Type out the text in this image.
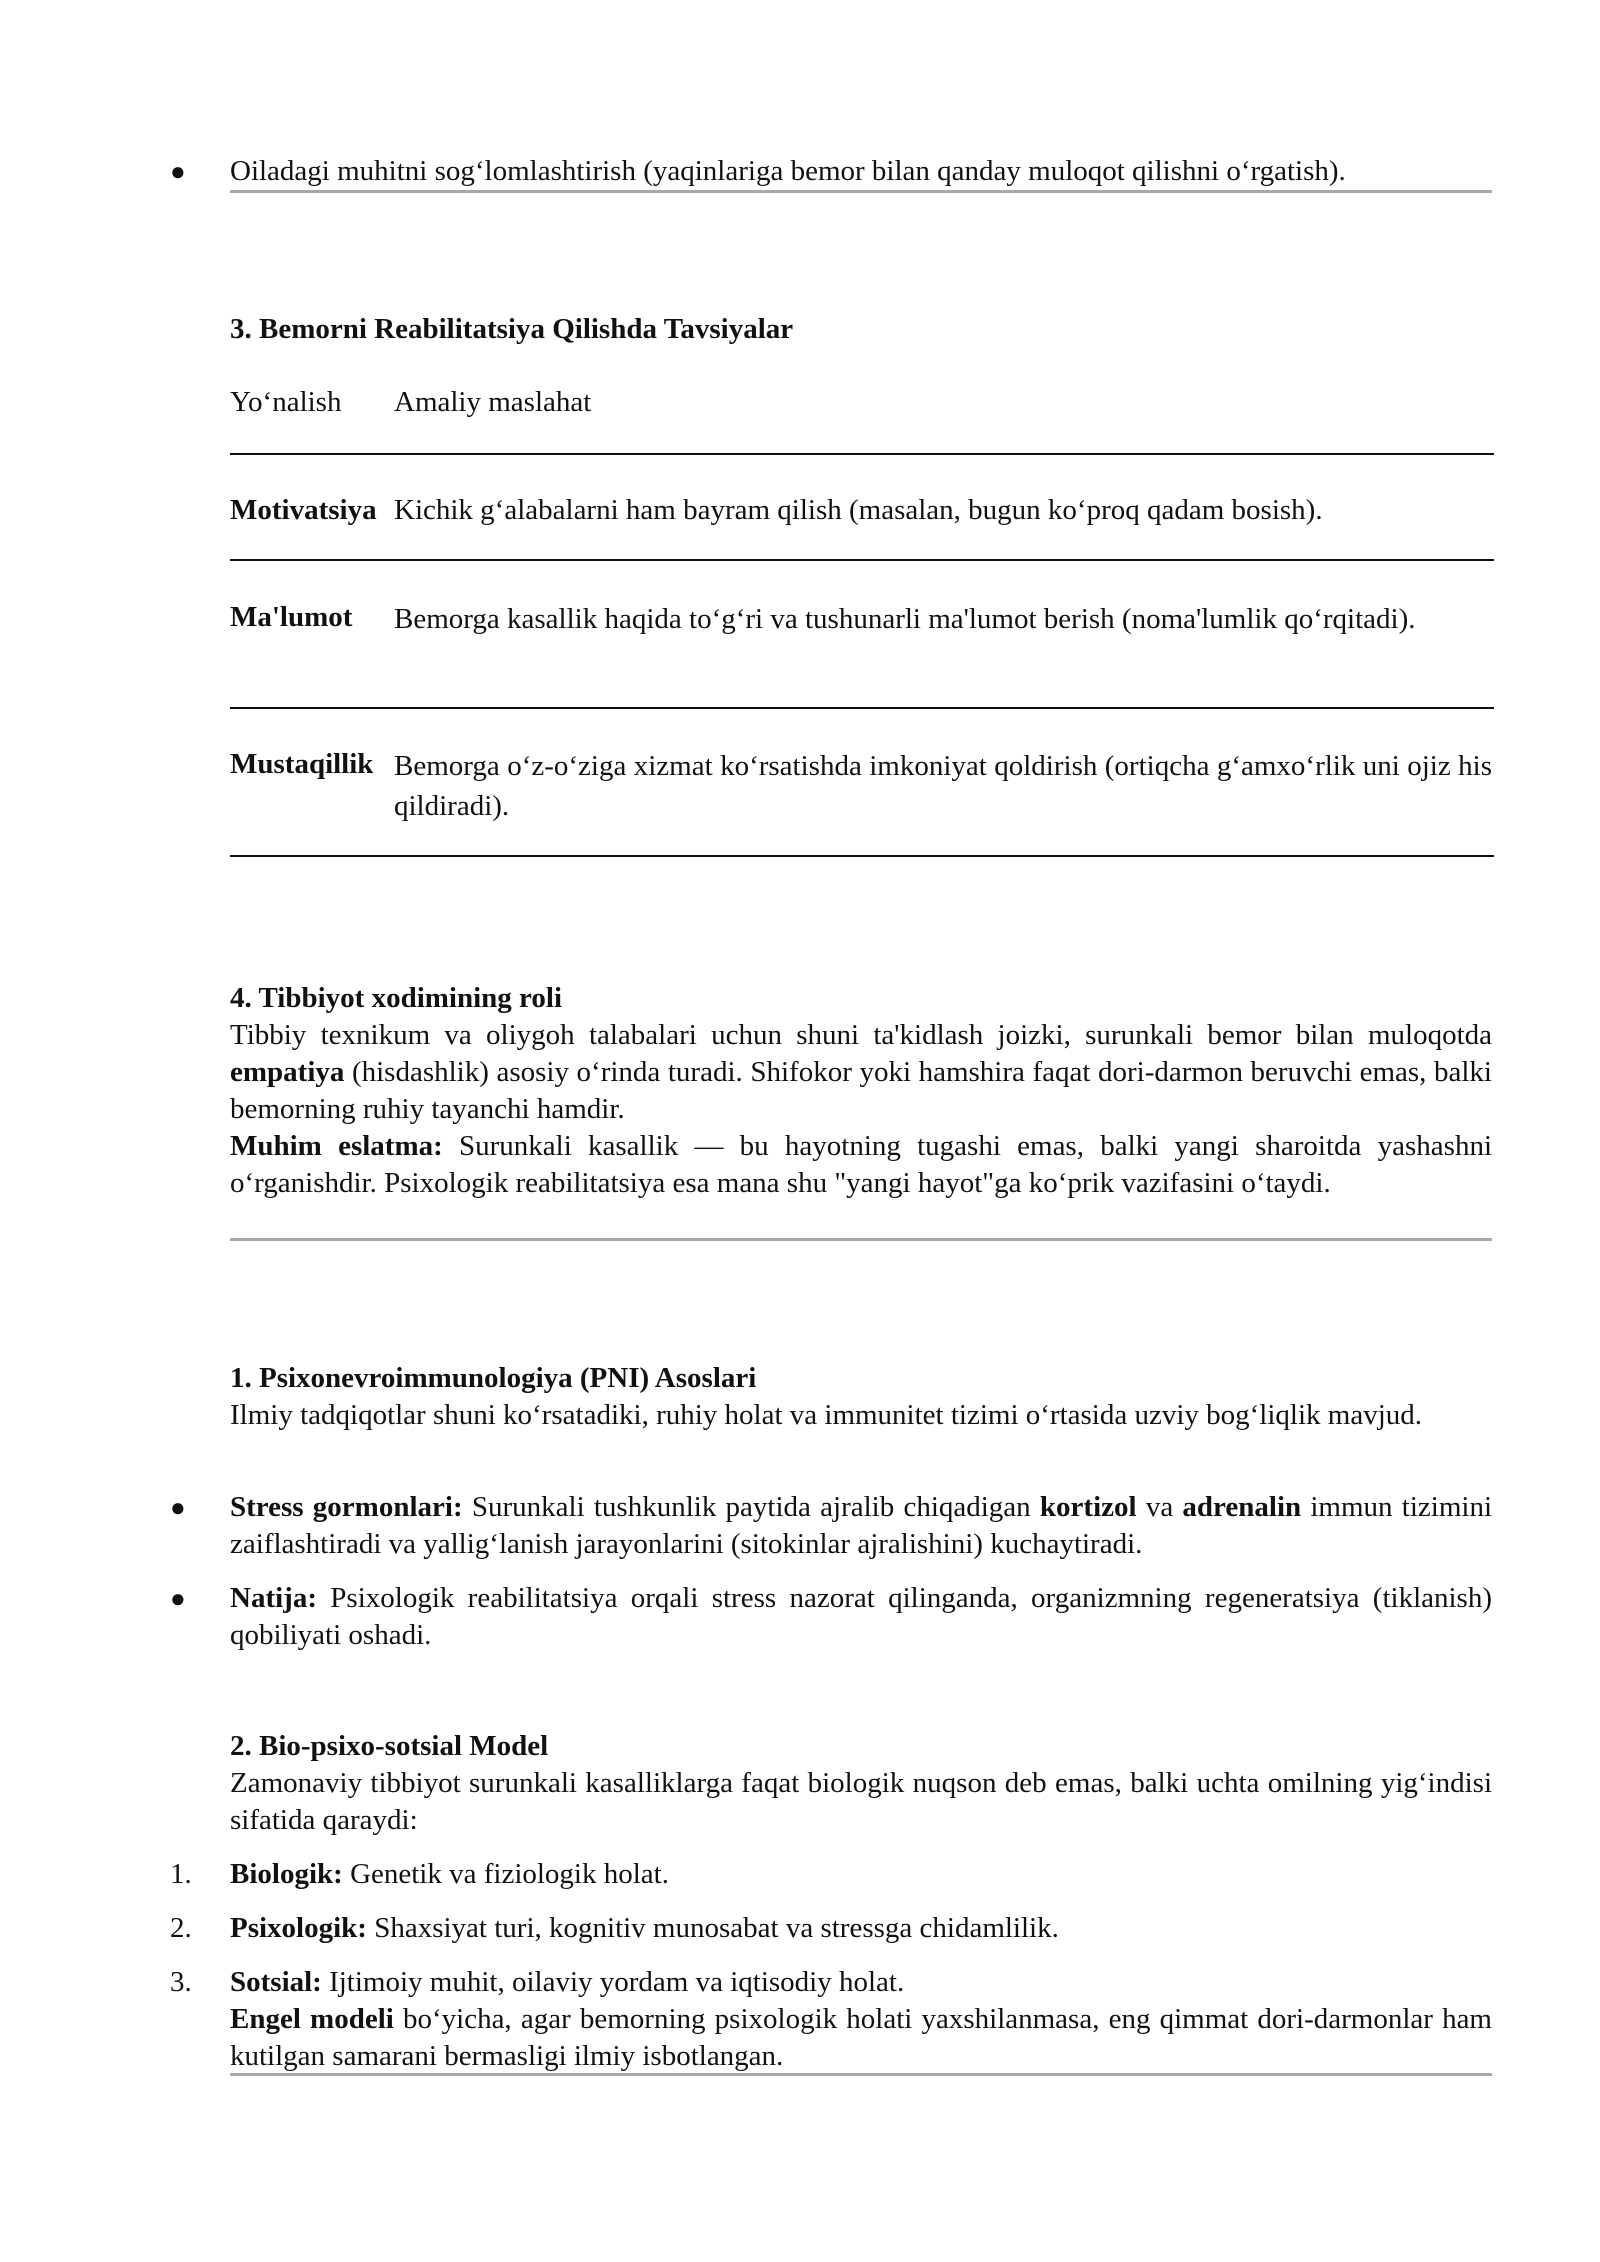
●	Oiladagi muhitni sog‘lomlashtirish (yaqinlariga bemor bilan qanday muloqot qilishni o‘rgatish).
3. Bemorni Reabilitatsiya Qilishda Tavsiyalar
Yo‘nalish	Amaliy maslahat
Motivatsiya Kichik g‘alabalarni ham bayram qilish (masalan, bugun ko‘proq qadam bosish).
Ma'lumot	Bemorga kasallik haqida to‘g‘ri va tushunarli ma'lumot berish (noma'lumlik qo‘rqitadi).
Mustaqillik Bemorga o‘z-o‘ziga xizmat ko‘rsatishda imkoniyat qoldirish (ortiqcha g‘amxo‘rlik uni ojiz his qildiradi).
4. Tibbiyot xodimining roli
Tibbiy texnikum va oliygoh talabalari uchun shuni ta'kidlash joizki, surunkali bemor bilan muloqotda empatiya (hisdashlik) asosiy o‘rinda turadi. Shifokor yoki hamshira faqat dori-darmon beruvchi emas, balki bemorning ruhiy tayanchi hamdir.
Muhim eslatma: Surunkali kasallik — bu hayotning tugashi emas, balki yangi sharoitda yashashni o‘rganishdir. Psixologik reabilitatsiya esa mana shu "yangi hayot"ga ko‘prik vazifasini o‘taydi.
1. Psixonevroimmunologiya (PNI) Asoslari
Ilmiy tadqiqotlar shuni ko‘rsatadiki, ruhiy holat va immunitet tizimi o‘rtasida uzviy bog‘liqlik mavjud.
●	Stress gormonlari: Surunkali tushkunlik paytida ajralib chiqadigan kortizol va adrenalin immun tizimini zaiflashtiradi va yallig‘lanish jarayonlarini (sitokinlar ajralishini) kuchaytiradi.
●	Natija: Psixologik reabilitatsiya orqali stress nazorat qilinganda, organizmning regeneratsiya (tiklanish) qobiliyati oshadi.
2. Bio-psixo-sotsial Model
Zamonaviy tibbiyot surunkali kasalliklarga faqat biologik nuqson deb emas, balki uchta omilning yig‘indisi sifatida qaraydi:
1.	Biologik: Genetik va fiziologik holat.
2.	Psixologik: Shaxsiyat turi, kognitiv munosabat va stressga chidamlilik.
3.	Sotsial: Ijtimoiy muhit, oilaviy yordam va iqtisodiy holat.
Engel modeli bo‘yicha, agar bemorning psixologik holati yaxshilanmasa, eng qimmat dori-darmonlar ham kutilgan samarani bermasligi ilmiy isbotlangan.
